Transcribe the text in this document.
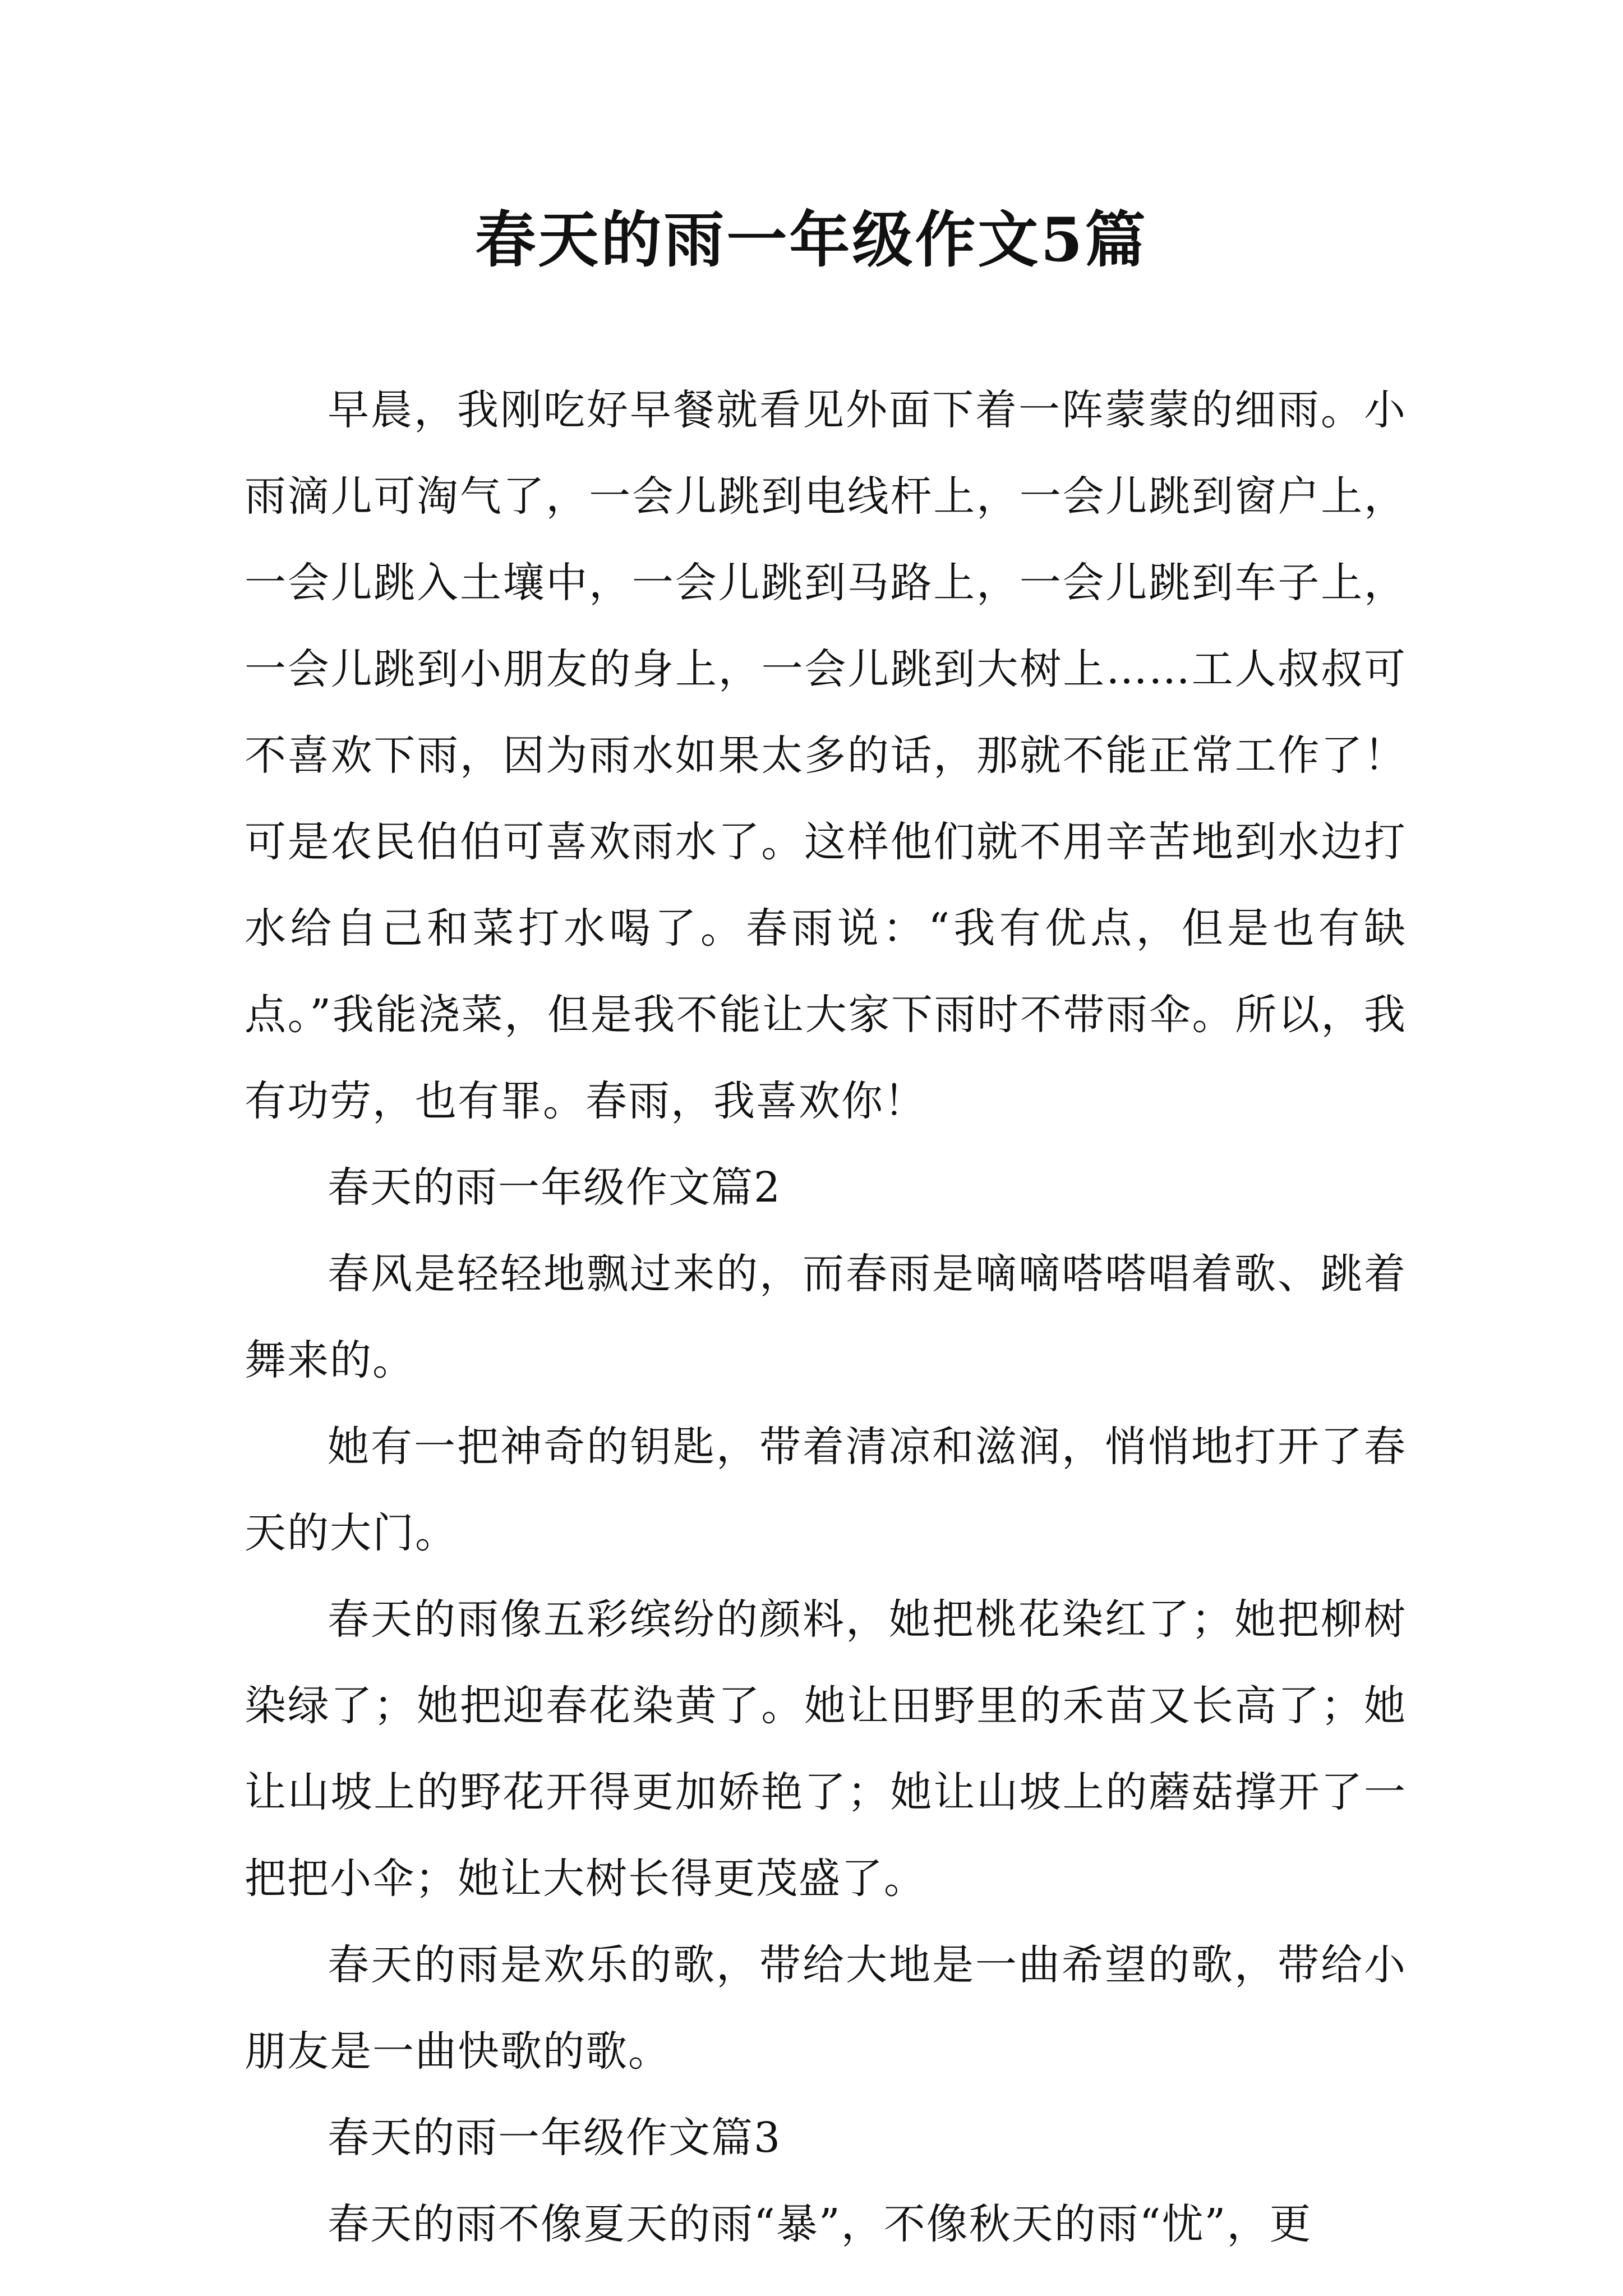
春天的雨一年级作文5篇

早晨，我刚吃好早餐就看见外面下着一阵蒙蒙的细雨。小雨滴儿可淘气了，一会儿跳到电线杆上，一会儿跳到窗户上，一会儿跳入土壤中，一会儿跳到马路上，一会儿跳到车子上，一会儿跳到小朋友的身上，一会儿跳到大树上……工人叔叔可不喜欢下雨，因为雨水如果太多的话，那就不能正常工作了！可是农民伯伯可喜欢雨水了。这样他们就不用辛苦地到水边打水给自己和菜打水喝了。春雨说：“我有优点，但是也有缺点。”我能浇菜，但是我不能让大家下雨时不带雨伞。所以，我有功劳，也有罪。春雨，我喜欢你！

春天的雨一年级作文篇2

春风是轻轻地飘过来的，而春雨是嘀嘀嗒嗒唱着歌、跳着舞来的。

她有一把神奇的钥匙，带着清凉和滋润，悄悄地打开了春天的大门。

春天的雨像五彩缤纷的颜料，她把桃花染红了；她把柳树染绿了；她把迎春花染黄了。她让田野里的禾苗又长高了；她让山坡上的野花开得更加娇艳了；她让山坡上的蘑菇撑开了一把把小伞；她让大树长得更茂盛了。

春天的雨是欢乐的歌，带给大地是一曲希望的歌，带给小朋友是一曲快歌的歌。

春天的雨一年级作文篇3

春天的雨不像夏天的雨“暴”，不像秋天的雨“忧”，更
